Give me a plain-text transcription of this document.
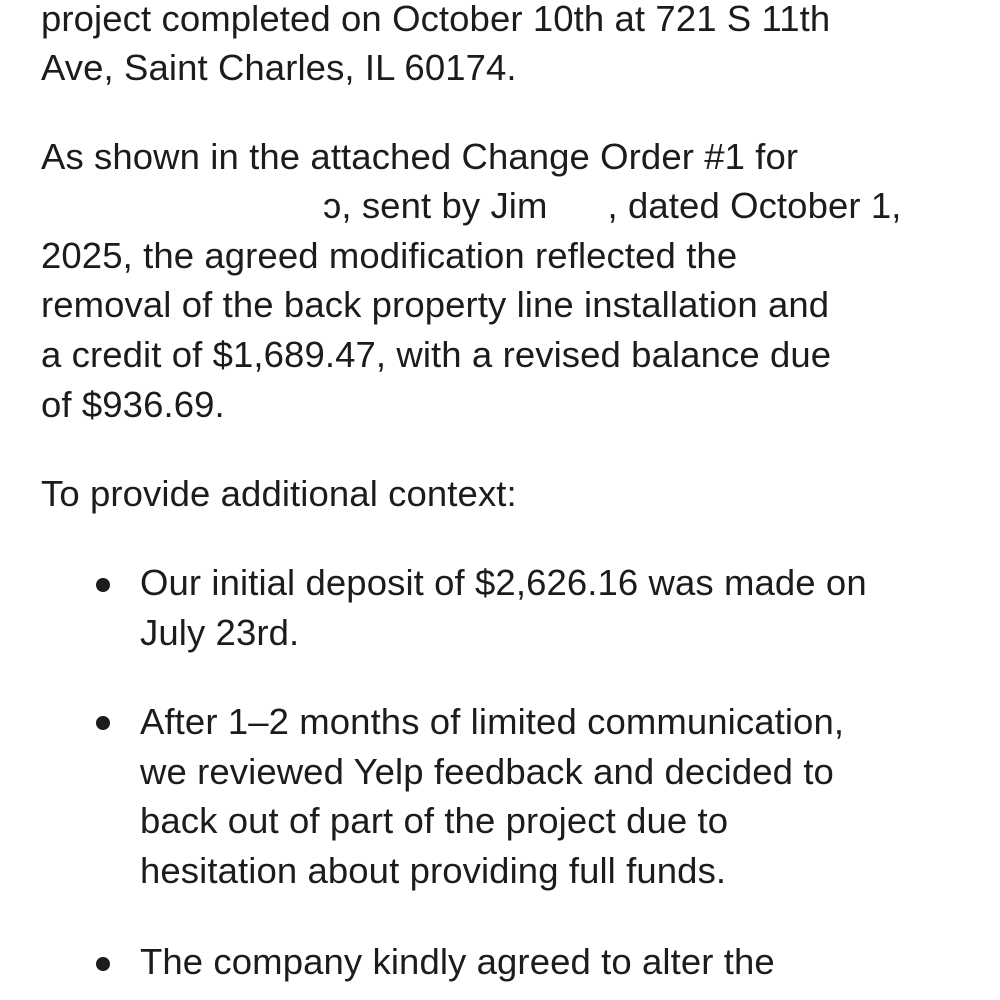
project completed on October 10th at 721 S 11th
Ave, Saint Charles, IL 60174.
As shown in the attached Change Order #1 for
ɔ, sent by Jim , dated October 1,
2025, the agreed modification reflected the
removal of the back property line installation and
a credit of $1,689.47, with a revised balance due
of $936.69.
To provide additional context:
Our initial deposit of $2,626.16 was made on
July 23rd.
After 1–2 months of limited communication,
we reviewed Yelp feedback and decided to
back out of part of the project due to
hesitation about providing full funds.
The company kindly agreed to alter the
